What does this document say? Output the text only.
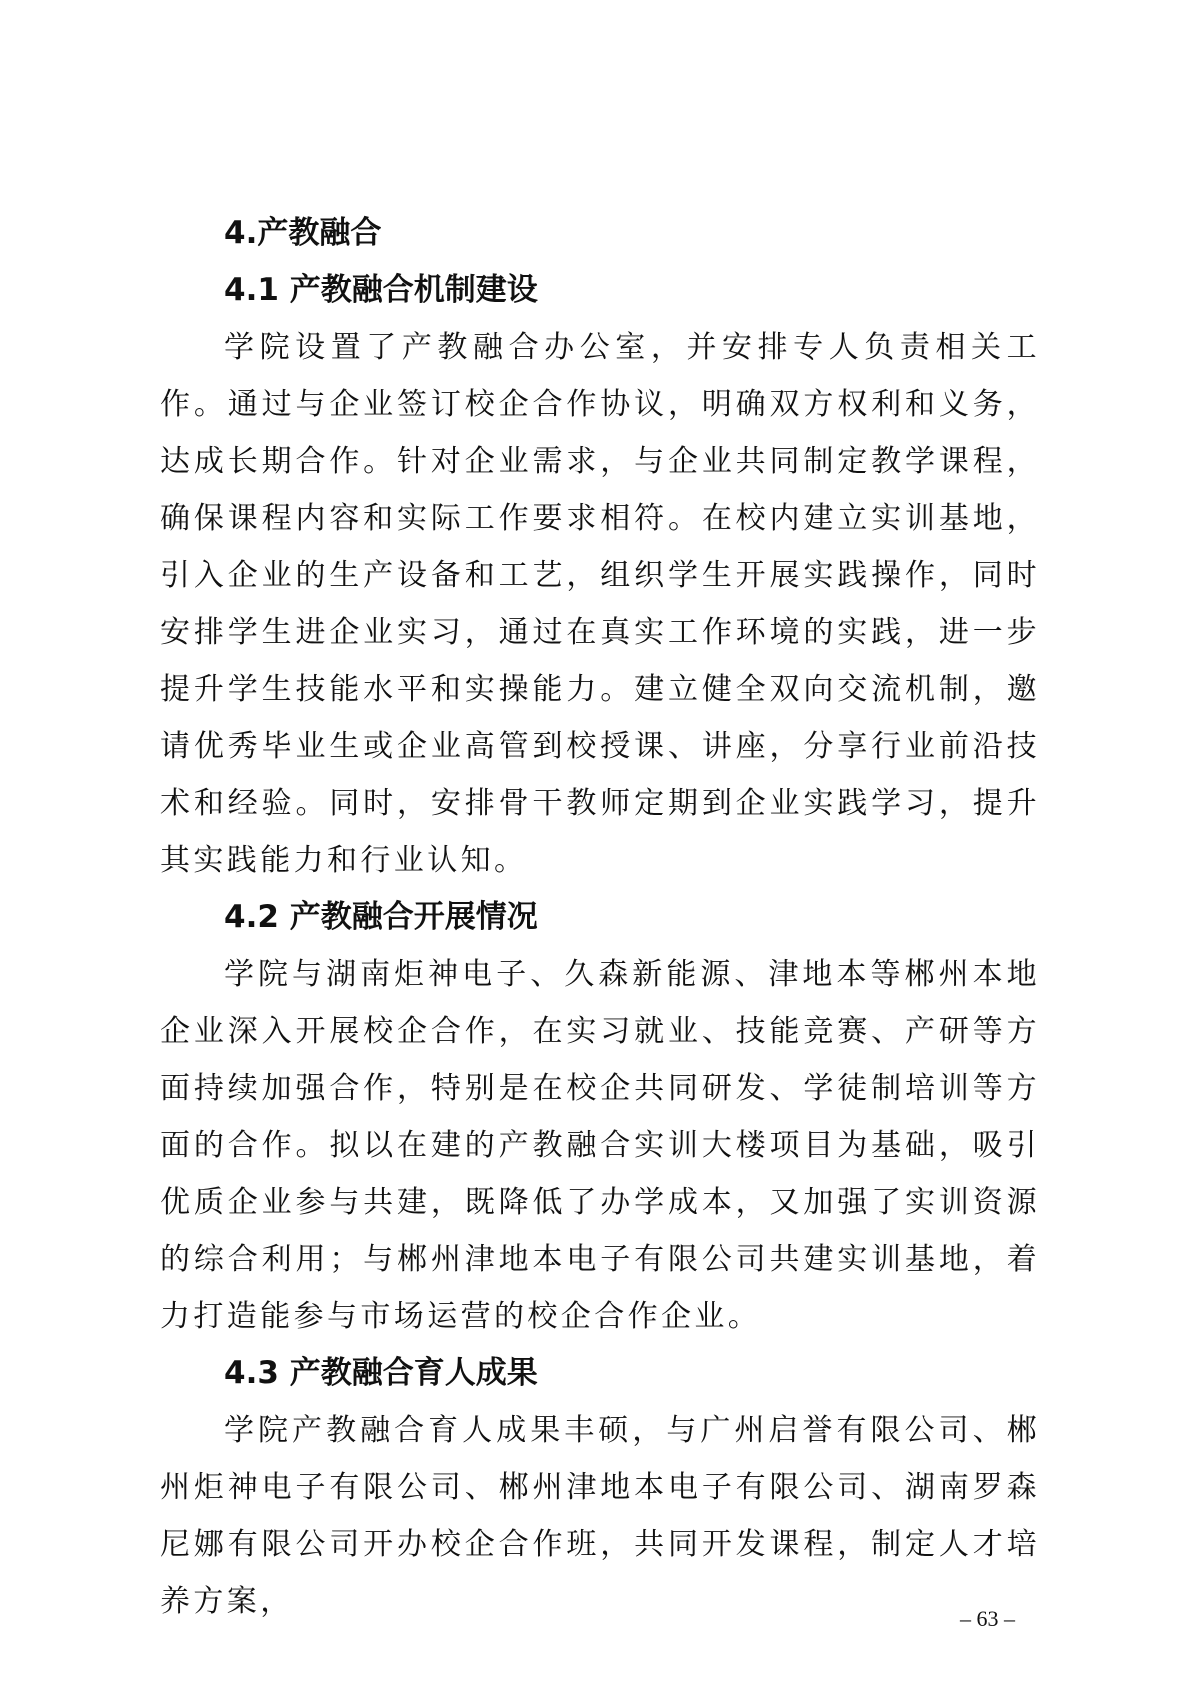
4.产教融合
4.1 产教融合机制建设

学院设置了产教融合办公室，并安排专人负责相关工作。通过与企业签订校企合作协议，明确双方权利和义务，达成长期合作。针对企业需求，与企业共同制定教学课程，确保课程内容和实际工作要求相符。在校内建立实训基地，引入企业的生产设备和工艺，组织学生开展实践操作，同时安排学生进企业实习，通过在真实工作环境的实践，进一步提升学生技能水平和实操能力。建立健全双向交流机制，邀请优秀毕业生或企业高管到校授课、讲座，分享行业前沿技术和经验。同时，安排骨干教师定期到企业实践学习，提升其实践能力和行业认知。

4.2 产教融合开展情况

学院与湖南炬神电子、久森新能源、津地本等郴州本地企业深入开展校企合作，在实习就业、技能竞赛、产研等方面持续加强合作，特别是在校企共同研发、学徒制培训等方面的合作。拟以在建的产教融合实训大楼项目为基础，吸引优质企业参与共建，既降低了办学成本，又加强了实训资源的综合利用；与郴州津地本电子有限公司共建实训基地，着力打造能参与市场运营的校企合作企业。

4.3 产教融合育人成果

学院产教融合育人成果丰硕，与广州启誉有限公司、郴州炬神电子有限公司、郴州津地本电子有限公司、湖南罗森尼娜有限公司开办校企合作班，共同开发课程，制定人才培养方案，	– 63 –
